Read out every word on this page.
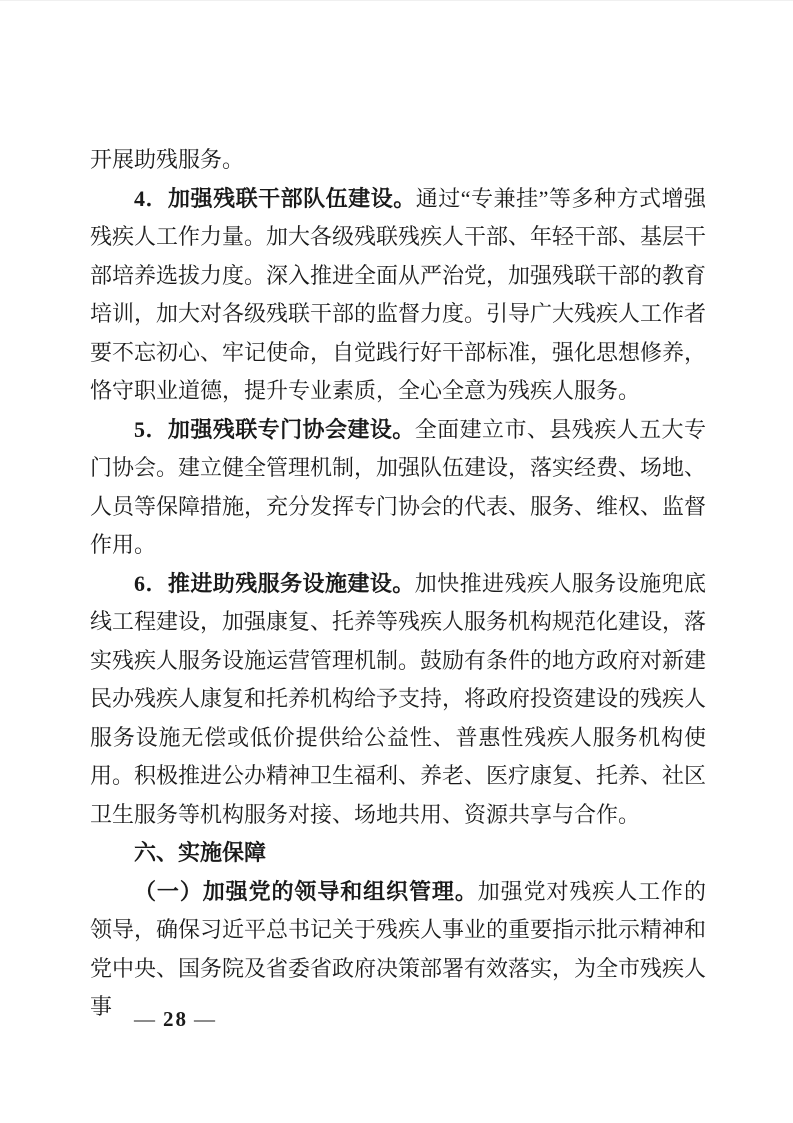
开展助残服务。

4．加强残联干部队伍建设。通过“专兼挂”等多种方式增强残疾人工作力量。加大各级残联残疾人干部、年轻干部、基层干部培养选拔力度。深入推进全面从严治党，加强残联干部的教育培训，加大对各级残联干部的监督力度。引导广大残疾人工作者要不忘初心、牢记使命，自觉践行好干部标准，强化思想修养，恪守职业道德，提升专业素质，全心全意为残疾人服务。

5．加强残联专门协会建设。全面建立市、县残疾人五大专门协会。建立健全管理机制，加强队伍建设，落实经费、场地、人员等保障措施，充分发挥专门协会的代表、服务、维权、监督作用。

6．推进助残服务设施建设。加快推进残疾人服务设施兜底线工程建设，加强康复、托养等残疾人服务机构规范化建设，落实残疾人服务设施运营管理机制。鼓励有条件的地方政府对新建民办残疾人康复和托养机构给予支持，将政府投资建设的残疾人服务设施无偿或低价提供给公益性、普惠性残疾人服务机构使用。积极推进公办精神卫生福利、养老、医疗康复、托养、社区卫生服务等机构服务对接、场地共用、资源共享与合作。

六、实施保障

（一）加强党的领导和组织管理。加强党对残疾人工作的领导，确保习近平总书记关于残疾人事业的重要指示批示精神和党中央、国务院及省委省政府决策部署有效落实，为全市残疾人事	— 28 —
